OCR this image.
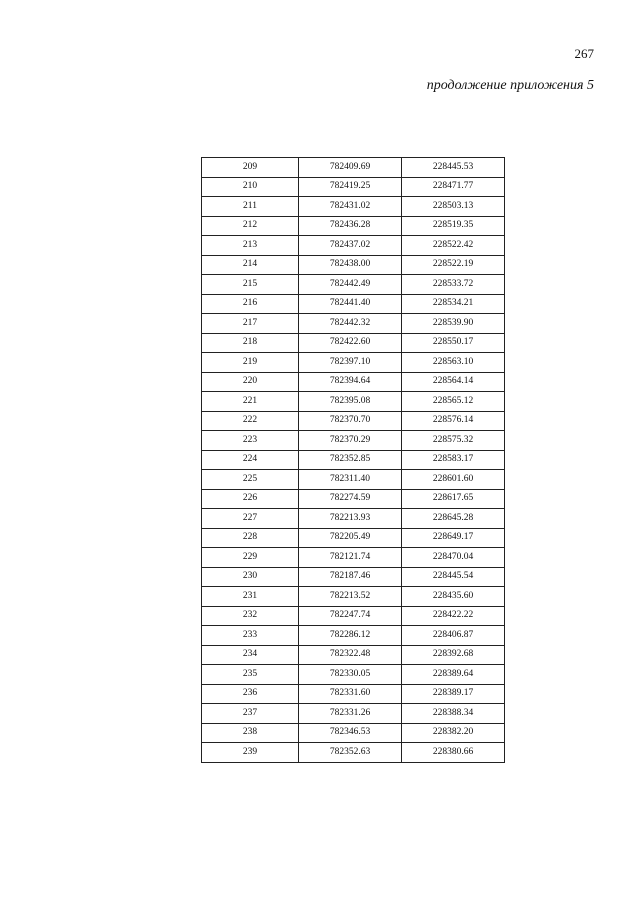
267
продолжение приложения 5
209	782409.69	228445.53
210	782419.25	228471.77
211	782431.02	228503.13
212	782436.28	228519.35
213	782437.02	228522.42
214	782438.00	228522.19
215	782442.49	228533.72
216	782441.40	228534.21
217	782442.32	228539.90
218	782422.60	228550.17
219	782397.10	228563.10
220	782394.64	228564.14
221	782395.08	228565.12
222	782370.70	228576.14
223	782370.29	228575.32
224	782352.85	228583.17
225	782311.40	228601.60
226	782274.59	228617.65
227	782213.93	228645.28
228	782205.49	228649.17
229	782121.74	228470.04
230	782187.46	228445.54
231	782213.52	228435.60
232	782247.74	228422.22
233	782286.12	228406.87
234	782322.48	228392.68
235	782330.05	228389.64
236	782331.60	228389.17
237	782331.26	228388.34
238	782346.53	228382.20
239	782352.63	228380.66
